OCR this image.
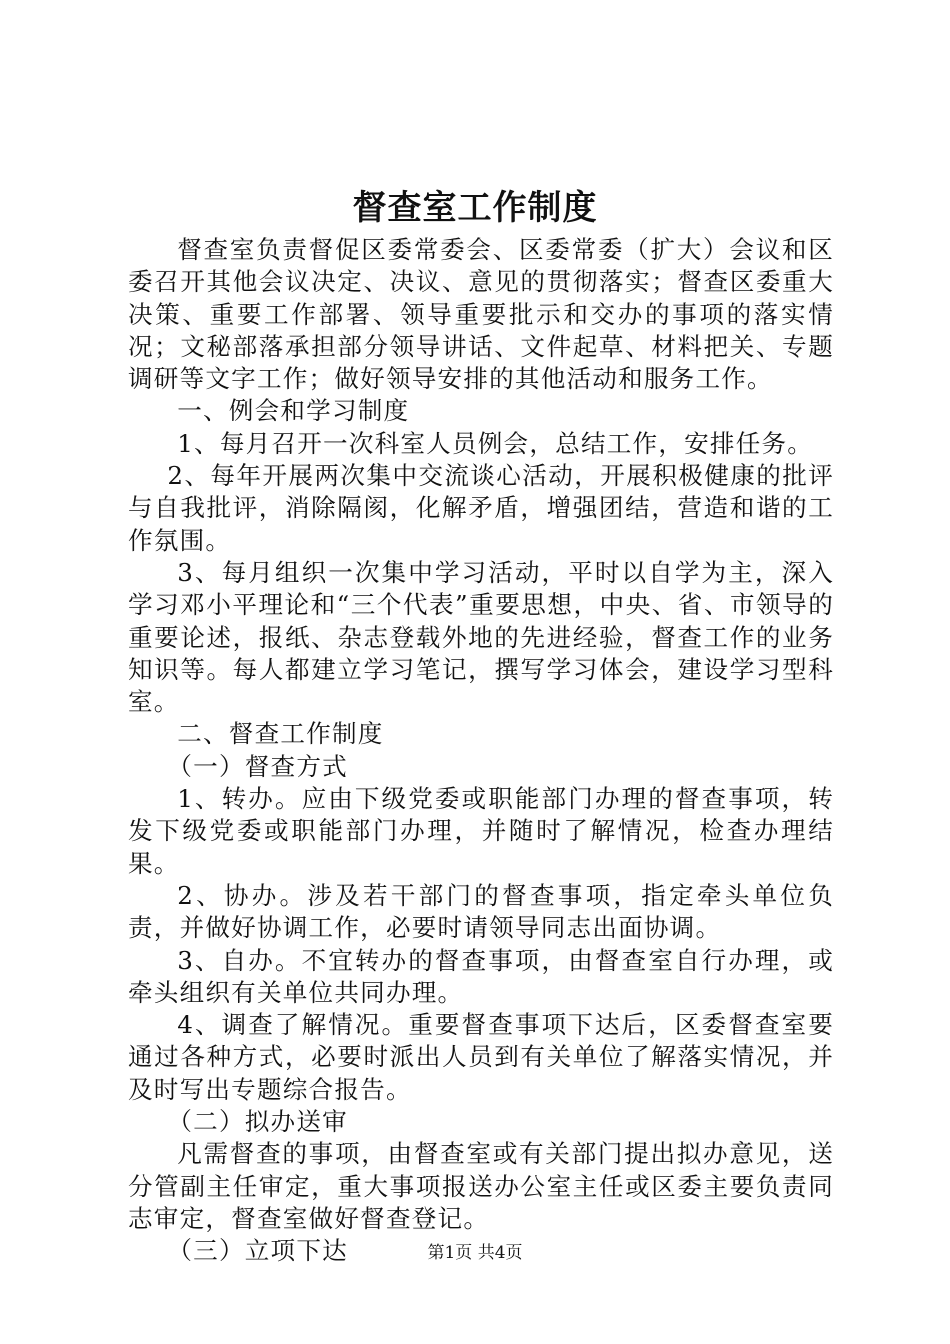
督查室工作制度

督查室负责督促区委常委会、区委常委（扩大）会议和区委召开其他会议决定、决议、意见的贯彻落实；督查区委重大决策、重要工作部署、领导重要批示和交办的事项的落实情况；文秘部落承担部分领导讲话、文件起草、材料把关、专题调研等文字工作；做好领导安排的其他活动和服务工作。

一、例会和学习制度

1、每月召开一次科室人员例会，总结工作，安排任务。

2、每年开展两次集中交流谈心活动，开展积极健康的批评与自我批评，消除隔阂，化解矛盾，增强团结，营造和谐的工作氛围。

3、每月组织一次集中学习活动，平时以自学为主，深入学习邓小平理论和“三个代表”重要思想，中央、省、市领导的重要论述，报纸、杂志登载外地的先进经验，督查工作的业务知识等。每人都建立学习笔记，撰写学习体会，建设学习型科室。

二、督查工作制度

（一）督查方式

1、转办。应由下级党委或职能部门办理的督查事项，转发下级党委或职能部门办理，并随时了解情况，检查办理结果。

2、协办。涉及若干部门的督查事项，指定牵头单位负责，并做好协调工作，必要时请领导同志出面协调。

3、自办。不宜转办的督查事项，由督查室自行办理，或牵头组织有关单位共同办理。

4、调查了解情况。重要督查事项下达后，区委督查室要通过各种方式，必要时派出人员到有关单位了解落实情况，并及时写出专题综合报告。

（二）拟办送审

凡需督查的事项，由督查室或有关部门提出拟办意见，送分管副主任审定，重大事项报送办公室主任或区委主要负责同志审定，督查室做好督查登记。

（三）立项下达	第1页 共4页
